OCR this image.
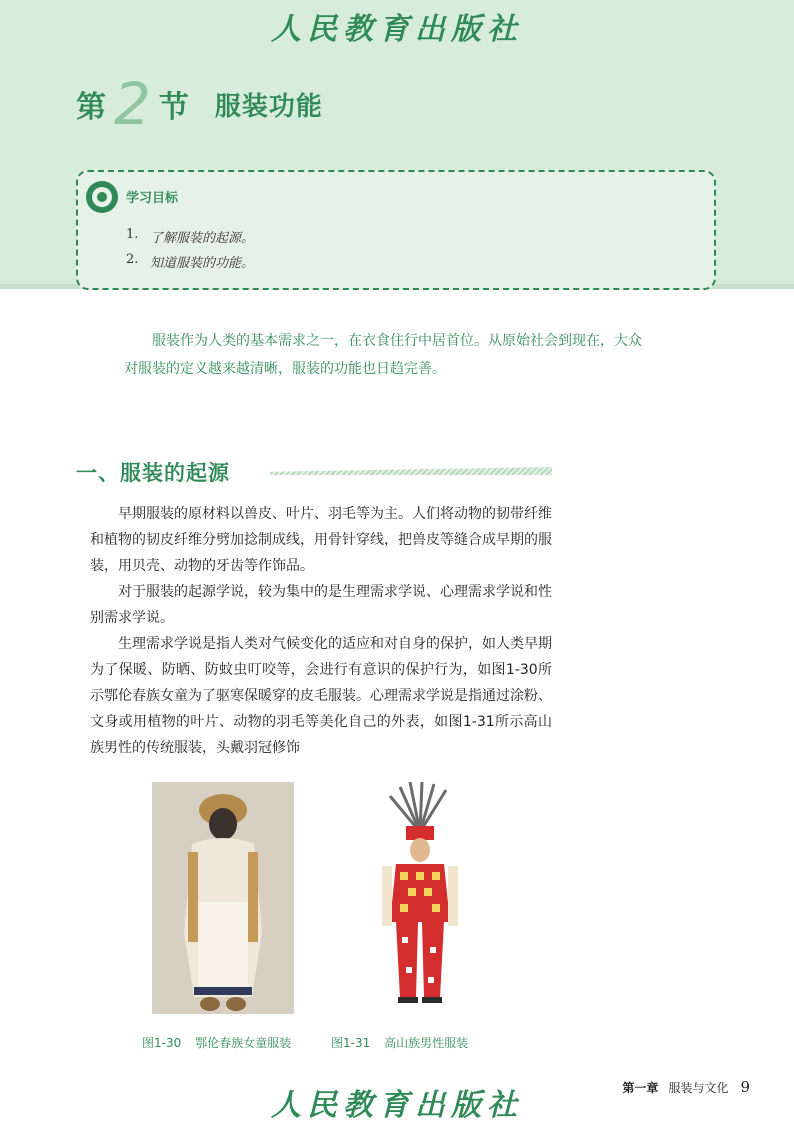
人民教育出版社
第 2 节 服装功能
学习目标
1. 了解服装的起源。
2. 知道服装的功能。

服装作为人类的基本需求之一，在衣食住行中居首位。从原始社会到现在，大众

对服装的定义越来越清晰，服装的功能也日趋完善。

一、服装的起源

早期服装的原材料以兽皮、叶片、羽毛等为主。人们将动物的韧带纤维和植物的韧皮纤维分劈加捻制成线，用骨针穿线，把兽皮等缝合成早期的服装，用贝壳、动物的牙齿等作饰品。

对于服装的起源学说，较为集中的是生理需求学说、心理需求学说和性别需求学说。

生理需求学说是指人类对气候变化的适应和对自身的保护，如人类早期为了保暖、防晒、防蚊虫叮咬等，会进行有意识的保护行为，如图1-30所示鄂伦春族女童为了驱寒保暖穿的皮毛服装。心理需求学说是指通过涂粉、文身或用植物的叶片、动物的羽毛等美化自己的外表，如图1-31所示高山族男性的传统服装，头戴羽冠修饰

图1-30 鄂伦春族女童服装	图1-31 高山族男性服装
人民教育出版社
第一章 服装与文化 9
